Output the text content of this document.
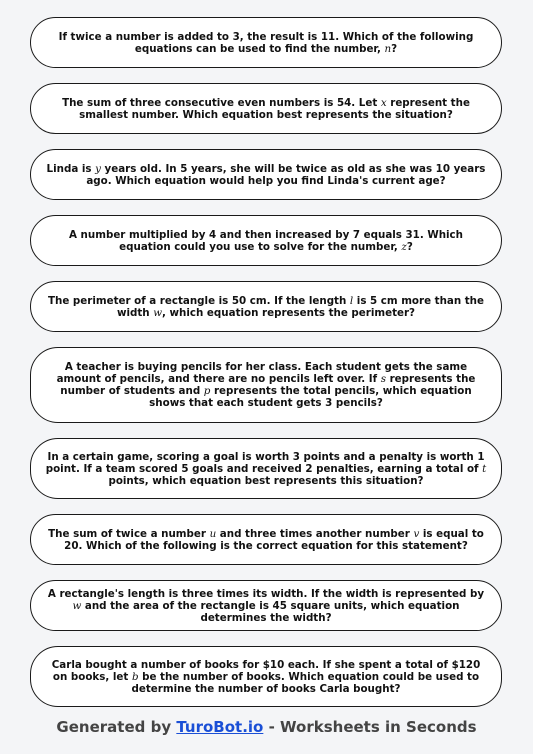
If twice a number is added to 3, the result is 11. Which of the following equations can be used to find the number, n?
The sum of three consecutive even numbers is 54. Let x represent the smallest number. Which equation best represents the situation?
Linda is y years old. In 5 years, she will be twice as old as she was 10 years ago. Which equation would help you find Linda's current age?
A number multiplied by 4 and then increased by 7 equals 31. Which equation could you use to solve for the number, z?
The perimeter of a rectangle is 50 cm. If the length l is 5 cm more than the width w, which equation represents the perimeter?
A teacher is buying pencils for her class. Each student gets the same amount of pencils, and there are no pencils left over. If s represents the number of students and p represents the total pencils, which equation shows that each student gets 3 pencils?
In a certain game, scoring a goal is worth 3 points and a penalty is worth 1 point. If a team scored 5 goals and received 2 penalties, earning a total of t points, which equation best represents this situation?
The sum of twice a number u and three times another number v is equal to 20. Which of the following is the correct equation for this statement?
A rectangle's length is three times its width. If the width is represented by w and the area of the rectangle is 45 square units, which equation determines the width?
Carla bought a number of books for $10 each. If she spent a total of $120 on books, let b be the number of books. Which equation could be used to determine the number of books Carla bought?
Generated by TuroBot.io - Worksheets in Seconds
